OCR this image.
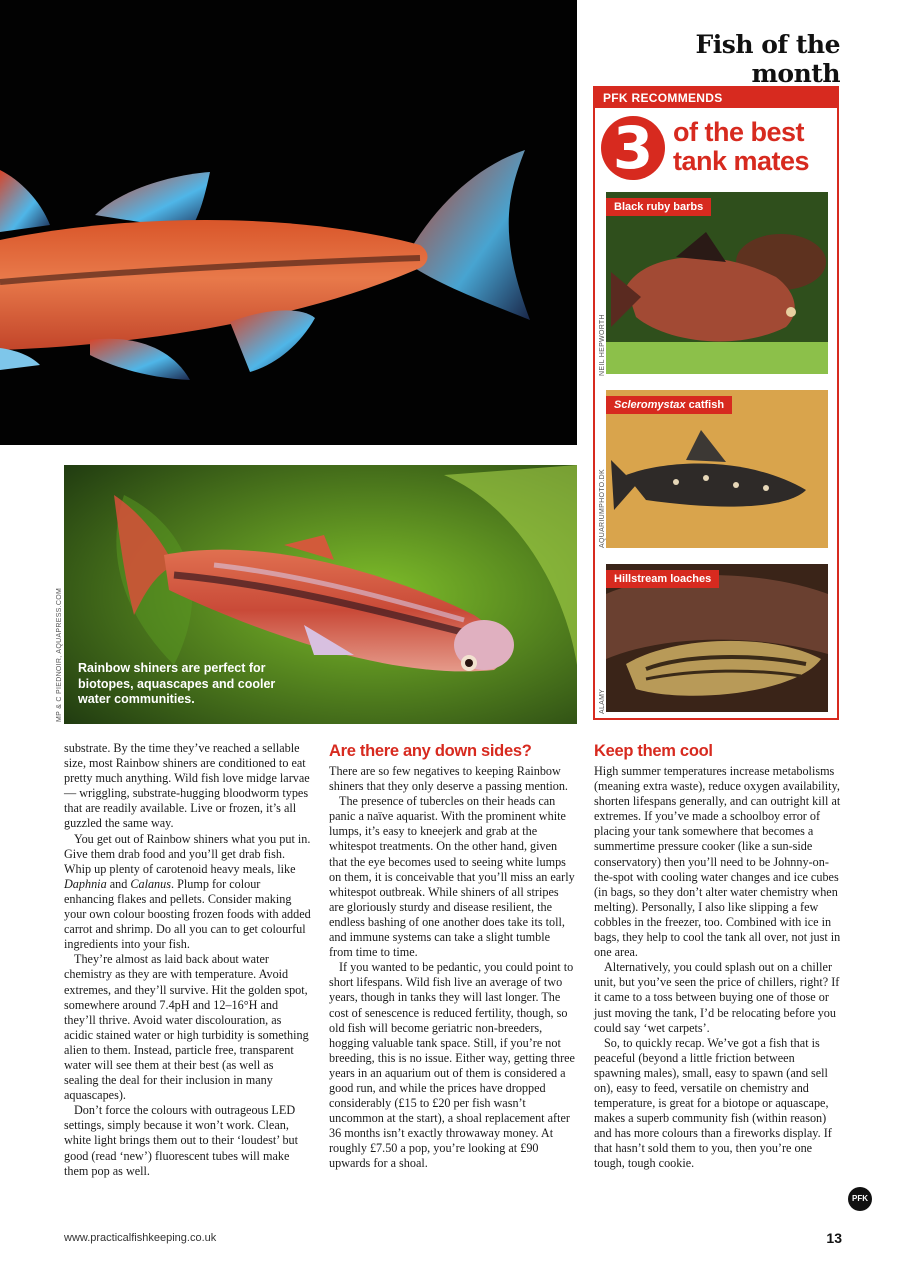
Fish of the month
PFK RECOMMENDS
3 of the best
tank mates
Black ruby barbs
Scleromystax catfish
Hillstream loaches
NEIL HEPWORTH
AQUARIUMPHOTO.DK
ALAMY
Rainbow shiners are perfect for biotopes, aquascapes and cooler water communities.
MP & C PIEDNOIR, AQUAPRESS.COM

substrate. By the time they’ve reached a sellable size, most Rainbow shiners are conditioned to eat pretty much anything. Wild fish love midge larvae — wriggling, substrate-hugging bloodworm types that are readily available. Live or frozen, it’s all guzzled the same way.

You get out of Rainbow shiners what you put in. Give them drab food and you’ll get drab fish. Whip up plenty of carotenoid heavy meals, like Daphnia and Calanus. Plump for colour enhancing flakes and pellets. Consider making your own colour boosting frozen foods with added carrot and shrimp. Do all you can to get colourful ingredients into your fish.

They’re almost as laid back about water chemistry as they are with temperature. Avoid extremes, and they’ll survive. Hit the golden spot, somewhere around 7.4pH and 12–16°H and they’ll thrive. Avoid water discolouration, as acidic stained water or high turbidity is something alien to them. Instead, particle free, transparent water will see them at their best (as well as sealing the deal for their inclusion in many aquascapes).

Don’t force the colours with outrageous LED settings, simply because it won’t work. Clean, white light brings them out to their ‘loudest’ but good (read ‘new’) fluorescent tubes will make them pop as well.

Are there any down sides?

There are so few negatives to keeping Rainbow shiners that they only deserve a passing mention.

The presence of tubercles on their heads can panic a naïve aquarist. With the prominent white lumps, it’s easy to kneejerk and grab at the whitespot treatments. On the other hand, given that the eye becomes used to seeing white lumps on them, it is conceivable that you’ll miss an early whitespot outbreak. While shiners of all stripes are gloriously sturdy and disease resilient, the endless bashing of one another does take its toll, and immune systems can take a slight tumble from time to time.

If you wanted to be pedantic, you could point to short lifespans. Wild fish live an average of two years, though in tanks they will last longer. The cost of senescence is reduced fertility, though, so old fish will become geriatric non-breeders, hogging valuable tank space. Still, if you’re not breeding, this is no issue. Either way, getting three years in an aquarium out of them is considered a good run, and while the prices have dropped considerably (£15 to £20 per fish wasn’t uncommon at the start), a shoal replacement after 36 months isn’t exactly throwaway money. At roughly £7.50 a pop, you’re looking at £90 upwards for a shoal.

Keep them cool

High summer temperatures increase metabolisms (meaning extra waste), reduce oxygen availability, shorten lifespans generally, and can outright kill at extremes. If you’ve made a schoolboy error of placing your tank somewhere that becomes a summertime pressure cooker (like a sun-side conservatory) then you’ll need to be Johnny-on-the-spot with cooling water changes and ice cubes (in bags, so they don’t alter water chemistry when melting). Personally, I also like slipping a few cobbles in the freezer, too. Combined with ice in bags, they help to cool the tank all over, not just in one area.

Alternatively, you could splash out on a chiller unit, but you’ve seen the price of chillers, right? If it came to a toss between buying one of those or just moving the tank, I’d be relocating before you could say ‘wet carpets’.

So, to quickly recap. We’ve got a fish that is peaceful (beyond a little friction between spawning males), small, easy to spawn (and sell on), easy to feed, versatile on chemistry and temperature, is great for a biotope or aquascape, makes a superb community fish (within reason) and has more colours than a fireworks display. If that hasn’t sold them to you, then you’re one tough, tough cookie.

PFK
www.practicalfishkeeping.co.uk	13
